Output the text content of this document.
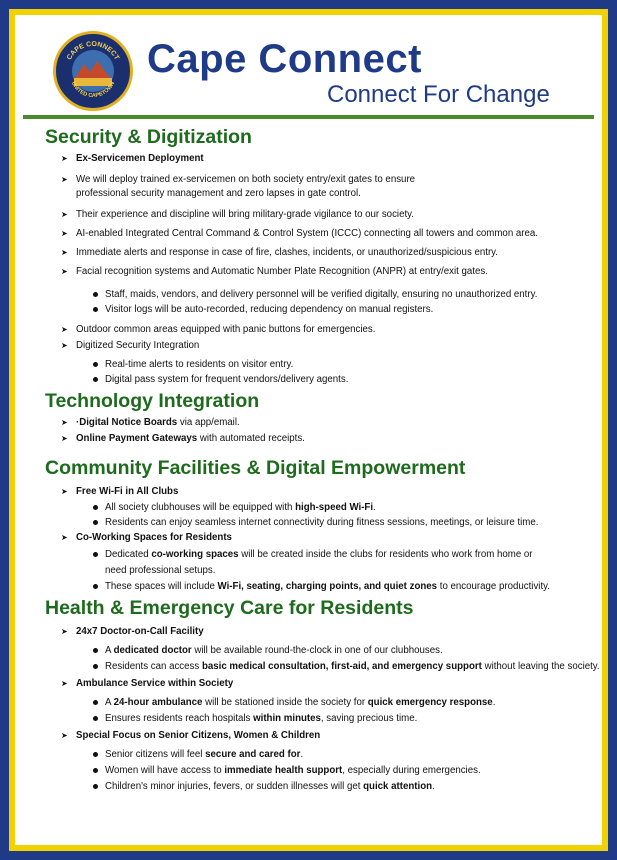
CAPE CONNECT
UNITED CAPETOWN
Cape Connect
Connect For Change
Security & Digitization
➤ Ex-Servicemen Deployment
➤ We will deploy trained ex-servicemen on both society entry/exit gates to ensure
professional security management and zero lapses in gate control.
➤ Their experience and discipline will bring military-grade vigilance to our society.
➤ AI-enabled Integrated Central Command & Control System (ICCC) connecting all towers and common area.
➤ Immediate alerts and response in case of fire, clashes, incidents, or unauthorized/suspicious entry.
➤ Facial recognition systems and Automatic Number Plate Recognition (ANPR) at entry/exit gates.
Staff, maids, vendors, and delivery personnel will be verified digitally, ensuring no unauthorized entry.
Visitor logs will be auto-recorded, reducing dependency on manual registers.
➤ Outdoor common areas equipped with panic buttons for emergencies.
➤ Digitized Security Integration
Real-time alerts to residents on visitor entry.
Digital pass system for frequent vendors/delivery agents.
Technology Integration
➤ ·Digital Notice Boards via app/email.
➤ Online Payment Gateways with automated receipts.
Community Facilities & Digital Empowerment
➤ Free Wi-Fi in All Clubs
All society clubhouses will be equipped with high-speed Wi-Fi.
Residents can enjoy seamless internet connectivity during fitness sessions, meetings, or leisure time.
➤ Co-Working Spaces for Residents
Dedicated co-working spaces will be created inside the clubs for residents who work from home or
need professional setups.
These spaces will include Wi-Fi, seating, charging points, and quiet zones to encourage productivity.
Health & Emergency Care for Residents
➤ 24x7 Doctor-on-Call Facility
A dedicated doctor will be available round-the-clock in one of our clubhouses.
Residents can access basic medical consultation, first-aid, and emergency support without leaving the society.
➤ Ambulance Service within Society
A 24-hour ambulance will be stationed inside the society for quick emergency response.
Ensures residents reach hospitals within minutes, saving precious time.
➤ Special Focus on Senior Citizens, Women & Children
Senior citizens will feel secure and cared for.
Women will have access to immediate health support, especially during emergencies.
Children's minor injuries, fevers, or sudden illnesses will get quick attention.
